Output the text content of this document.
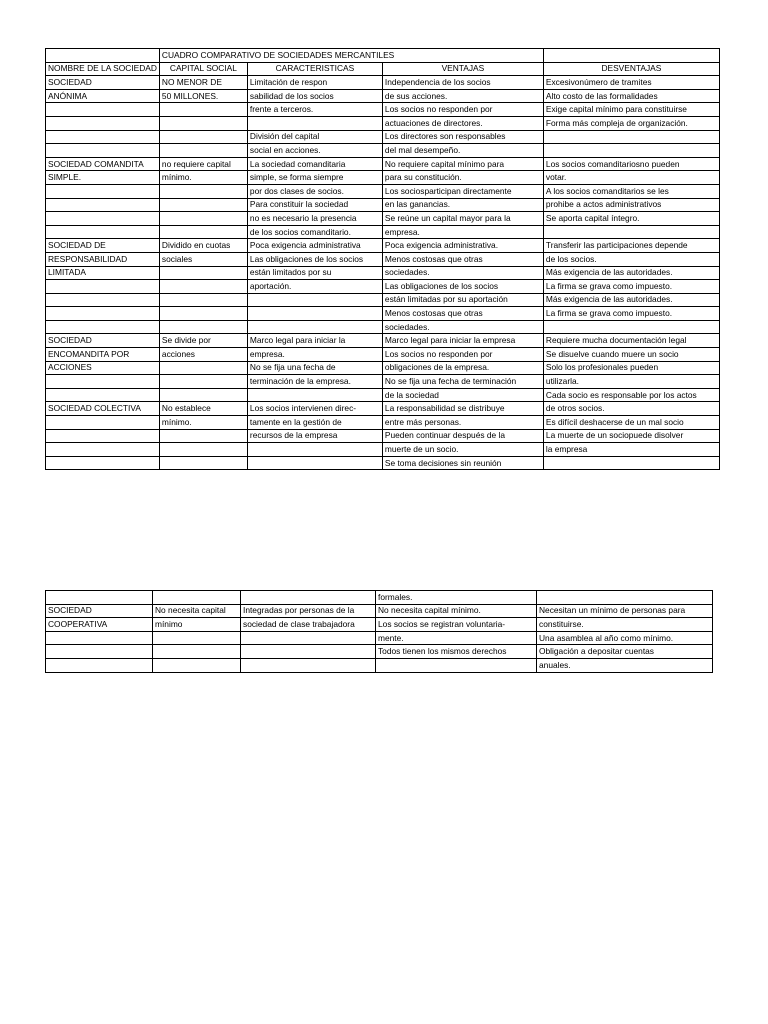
	CUADRO COMPARATIVO DE SOCIEDADES MERCANTILES			
NOMBRE DE LA SOCIEDAD	CAPITAL SOCIAL	CARACTERISTICAS	VENTAJAS	DESVENTAJAS
SOCIEDAD	NO MENOR DE	Limitación de respon	Independencia de los socios	Excesivonúmero de tramites
ANÓNIMA	50 MILLONES.	sabilidad de los socios	de sus acciones.	Alto costo de las formalidades
		frente a terceros.	Los socios no responden por	Exige capital mínimo para constituirse
			actuaciones de directores.	Forma más compleja de organización.
		División del capital	Los directores son responsables	
		social en acciones.	del mal desempeño.	
SOCIEDAD COMANDITA	no requiere capital	La sociedad comanditaria	No requiere capital mínimo para	Los socios comanditariosno pueden
SIMPLE.	mínimo.	simple, se forma siempre	para su constitución.	votar.
		por dos clases de socios.	Los sociosparticipan directamente	A los socios comanditarios se les
		Para constituir la sociedad	en las ganancias.	prohibe a actos administrativos
		no es necesario la presencia	Se reúne un capital mayor para la	Se aporta capital íntegro.
		de los socios comanditario.	empresa.	
SOCIEDAD DE	Dividido en cuotas	Poca exigencia administrativa	Poca exigencia administrativa.	Transferir las participaciones depende
RESPONSABILIDAD	sociales	Las obligaciones de los socios	Menos costosas que otras	de los socios.
LIMITADA		están limitados por su	sociedades.	Más exigencia de las autoridades.
		aportación.	Las obligaciones de los socios	La firma se grava como impuesto.
			están limitadas por su aportación	Más exigencia de las autoridades.
			Menos costosas que otras	La firma se grava como impuesto.
			sociedades.	
SOCIEDAD	Se divide por	Marco legal para iniciar la	Marco legal para iniciar la empresa	Requiere mucha documentación legal
ENCOMANDITA POR	acciones	empresa.	Los socios no responden por	Se disuelve cuando muere un socio
ACCIONES		No se fija una fecha de	obligaciones de la empresa.	Solo los profesionales pueden
		terminación de la empresa.	No se fija una fecha de terminación	utilizarla.
			de la sociedad	Cada socio es responsable por los actos
SOCIEDAD COLECTIVA	No establece	Los socios intervienen direc-	La responsabilidad se distribuye	de otros socios.
	mínimo.	tamente en la gestión de	entre más personas.	Es difícil deshacerse de un mal socio
		recursos de la empresa	Pueden continuar después de la	La muerte de un sociopuede disolver
			muerte de un socio.	la empresa
			Se toma decisiones sin reunión	
			formales.	
SOCIEDAD	No necesita capital	Integradas por personas de la	No necesita capital mínimo.	Necesitan un mínimo de personas para
COOPERATIVA	mínimo	sociedad de clase trabajadora	Los socios se registran voluntaria-	constituirse.
			mente.	Una asamblea al año como mínimo.
			Todos tienen los mismos derechos	Obligación a depositar cuentas
				anuales.
